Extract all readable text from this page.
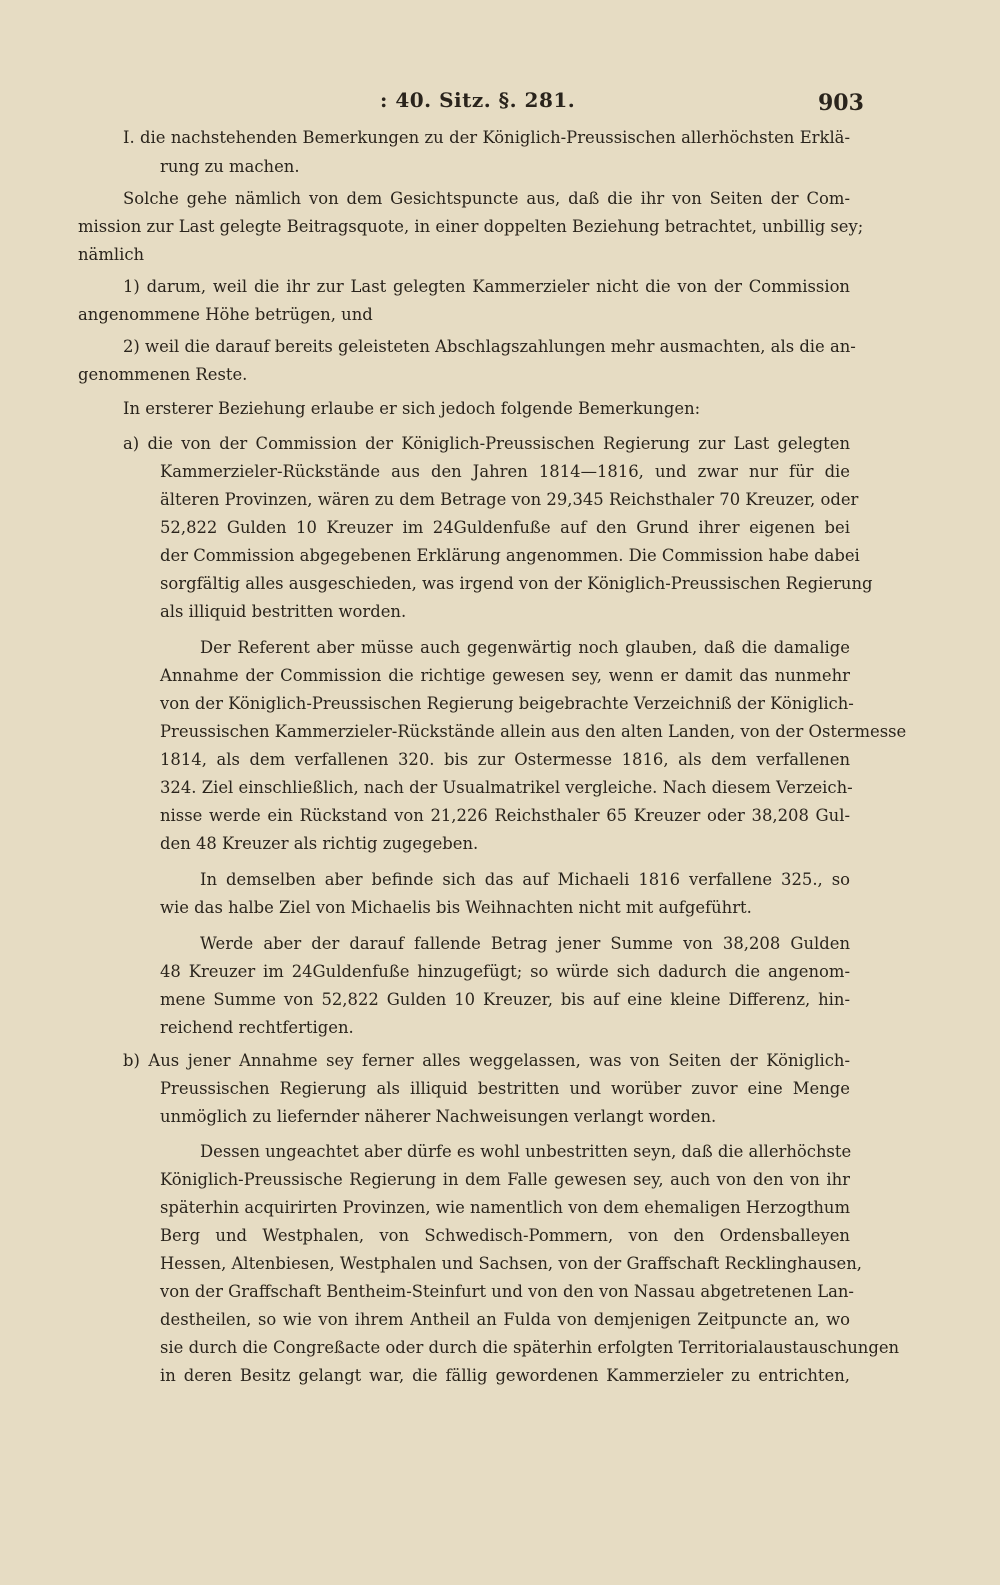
: 40. Sitz. §. 281.	903
I. die nachstehenden Bemerkungen zu der Königlich-Preussischen allerhöchsten Erklä-
rung zu machen.
Solche gehe nämlich von dem Gesichtspuncte aus, daß die ihr von Seiten der Com-
mission zur Last gelegte Beitragsquote, in einer doppelten Beziehung betrachtet, unbillig sey;
nämlich
1) darum, weil die ihr zur Last gelegten Kammerzieler nicht die von der Commission
angenommene Höhe betrügen, und
2) weil die darauf bereits geleisteten Abschlagszahlungen mehr ausmachten, als die an-
genommenen Reste.
In ersterer Beziehung erlaube er sich jedoch folgende Bemerkungen:
a) die von der Commission der Königlich-Preussischen Regierung zur Last gelegten
Kammerzieler-Rückstände aus den Jahren 1814—1816, und zwar nur für die
älteren Provinzen, wären zu dem Betrage von 29,345 Reichsthaler 70 Kreuzer, oder
52,822 Gulden 10 Kreuzer im 24Guldenfuße auf den Grund ihrer eigenen bei
der Commission abgegebenen Erklärung angenommen. Die Commission habe dabei
sorgfältig alles ausgeschieden, was irgend von der Königlich-Preussischen Regierung
als illiquid bestritten worden.
Der Referent aber müsse auch gegenwärtig noch glauben, daß die damalige
Annahme der Commission die richtige gewesen sey, wenn er damit das nunmehr
von der Königlich-Preussischen Regierung beigebrachte Verzeichniß der Königlich-
Preussischen Kammerzieler-Rückstände allein aus den alten Landen, von der Ostermesse
1814, als dem verfallenen 320. bis zur Ostermesse 1816, als dem verfallenen
324. Ziel einschließlich, nach der Usualmatrikel vergleiche. Nach diesem Verzeich-
nisse werde ein Rückstand von 21,226 Reichsthaler 65 Kreuzer oder 38,208 Gul-
den 48 Kreuzer als richtig zugegeben.
In demselben aber befinde sich das auf Michaeli 1816 verfallene 325., so
wie das halbe Ziel von Michaelis bis Weihnachten nicht mit aufgeführt.
Werde aber der darauf fallende Betrag jener Summe von 38,208 Gulden
48 Kreuzer im 24Guldenfuße hinzugefügt; so würde sich dadurch die angenom-
mene Summe von 52,822 Gulden 10 Kreuzer, bis auf eine kleine Differenz, hin-
reichend rechtfertigen.
b) Aus jener Annahme sey ferner alles weggelassen, was von Seiten der Königlich-
Preussischen Regierung als illiquid bestritten und worüber zuvor eine Menge
unmöglich zu liefernder näherer Nachweisungen verlangt worden.
Dessen ungeachtet aber dürfe es wohl unbestritten seyn, daß die allerhöchste
Königlich-Preussische Regierung in dem Falle gewesen sey, auch von den von ihr
späterhin acquirirten Provinzen, wie namentlich von dem ehemaligen Herzogthum
Berg und Westphalen, von Schwedisch-Pommern, von den Ordensballeyen
Hessen, Altenbiesen, Westphalen und Sachsen, von der Graffschaft Recklinghausen,
von der Graffschaft Bentheim-Steinfurt und von den von Nassau abgetretenen Lan-
destheilen, so wie von ihrem Antheil an Fulda von demjenigen Zeitpuncte an, wo
sie durch die Congreßacte oder durch die späterhin erfolgten Territorialaustauschungen
in deren Besitz gelangt war, die fällig gewordenen Kammerzieler zu entrichten,
